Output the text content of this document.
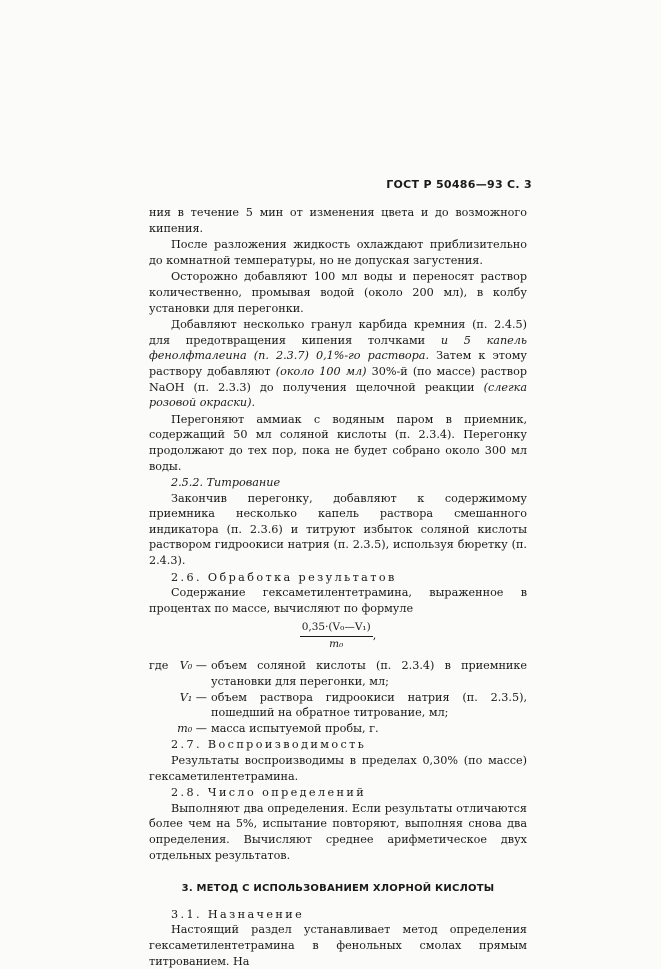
ГОСТ Р 50486—93 С. 3

ния в течение 5 мин от изменения цвета и до возможного кипения.

После разложения жидкость охлаждают приблизительно до комнатной температуры, но не допуская загустения.

Осторожно добавляют 100 мл воды и переносят раствор количественно, промывая водой (около 200 мл), в колбу установки для перегонки.

Добавляют несколько гранул карбида кремния (п. 2.4.5) для предотвращения кипения толчками и 5 капель фенолфталеина (п. 2.3.7) 0,1%-го раствора. Затем к этому раствору добавляют (около 100 мл) 30%-й (по массе) раствор NaOH (п. 2.3.3) до получения щелочной реакции (слегка розовой окраски).

Перегоняют аммиак с водяным паром в приемник, содержащий 50 мл соляной кислоты (п. 2.3.4). Перегонку продолжают до тех пор, пока не будет собрано около 300 мл воды.

2.5.2. Титрование

Закончив перегонку, добавляют к содержимому приемника несколько капель раствора смешанного индикатора (п. 2.3.6) и титруют избыток соляной кислоты раствором гидроокиси натрия (п. 2.3.5), используя бюретку (п. 2.4.3).

2.6. Обработка результатов

Содержание гексаметилентетрамина, выраженное в процентах по массе, вычисляют по формуле

$\frac{\text{0,35·(V₀—V₁)}}{\text{m₀}}$ ,
где	V₀ — объем соляной кислоты (п. 2.3.4) в приемнике установки для перегонки, мл;
V₁ — объем раствора гидроокиси натрия (п. 2.3.5), пошедший на обратное титрование, мл;
m₀ — масса испытуемой пробы, г.

2.7. Воспроизводимость

Результаты воспроизводимы в пределах 0,30% (по массе) гексаметилентетрамина.

2.8. Число определений

Выполняют два определения. Если результаты отличаются более чем на 5%, испытание повторяют, выполняя снова два определения. Вычисляют среднее арифметическое двух отдельных результатов.

3. МЕТОД С ИСПОЛЬЗОВАНИЕМ ХЛОРНОЙ КИСЛОТЫ

3.1. Назначение

Настоящий раздел устанавливает метод определения гексаметилентетрамина в фенольных смолах прямым титрованием. На
